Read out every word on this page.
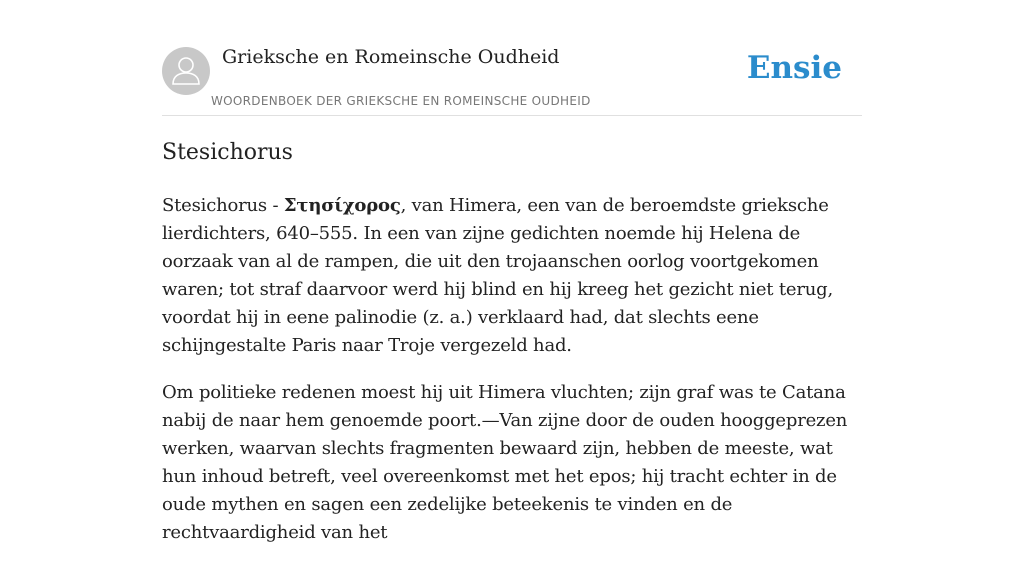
Grieksche en Romeinsche Oudheid
WOORDENBOEK DER GRIEKSCHE EN ROMEINSCHE OUDHEID
Ensie
Stesichorus

Stesichorus - Στησίχορος, van Himera, een van de beroemdste grieksche lierdichters, 640–555. In een van zijne gedichten noemde hij Helena de oorzaak van al de rampen, die uit den trojaanschen oorlog voortgekomen waren; tot straf daarvoor werd hij blind en hij kreeg het gezicht niet terug, voordat hij in eene palinodie (z. a.) verklaard had, dat slechts eene schijngestalte Paris naar Troje vergezeld had.

Om politieke redenen moest hij uit Himera vluchten; zijn graf was te Catana nabij de naar hem genoemde poort.—Van zijne door de ouden hooggeprezen werken, waarvan slechts fragmenten bewaard zijn, hebben de meeste, wat hun inhoud betreft, veel overeenkomst met het epos; hij tracht echter in de oude mythen en sagen een zedelijke beteekenis te vinden en de rechtvaardigheid van het
